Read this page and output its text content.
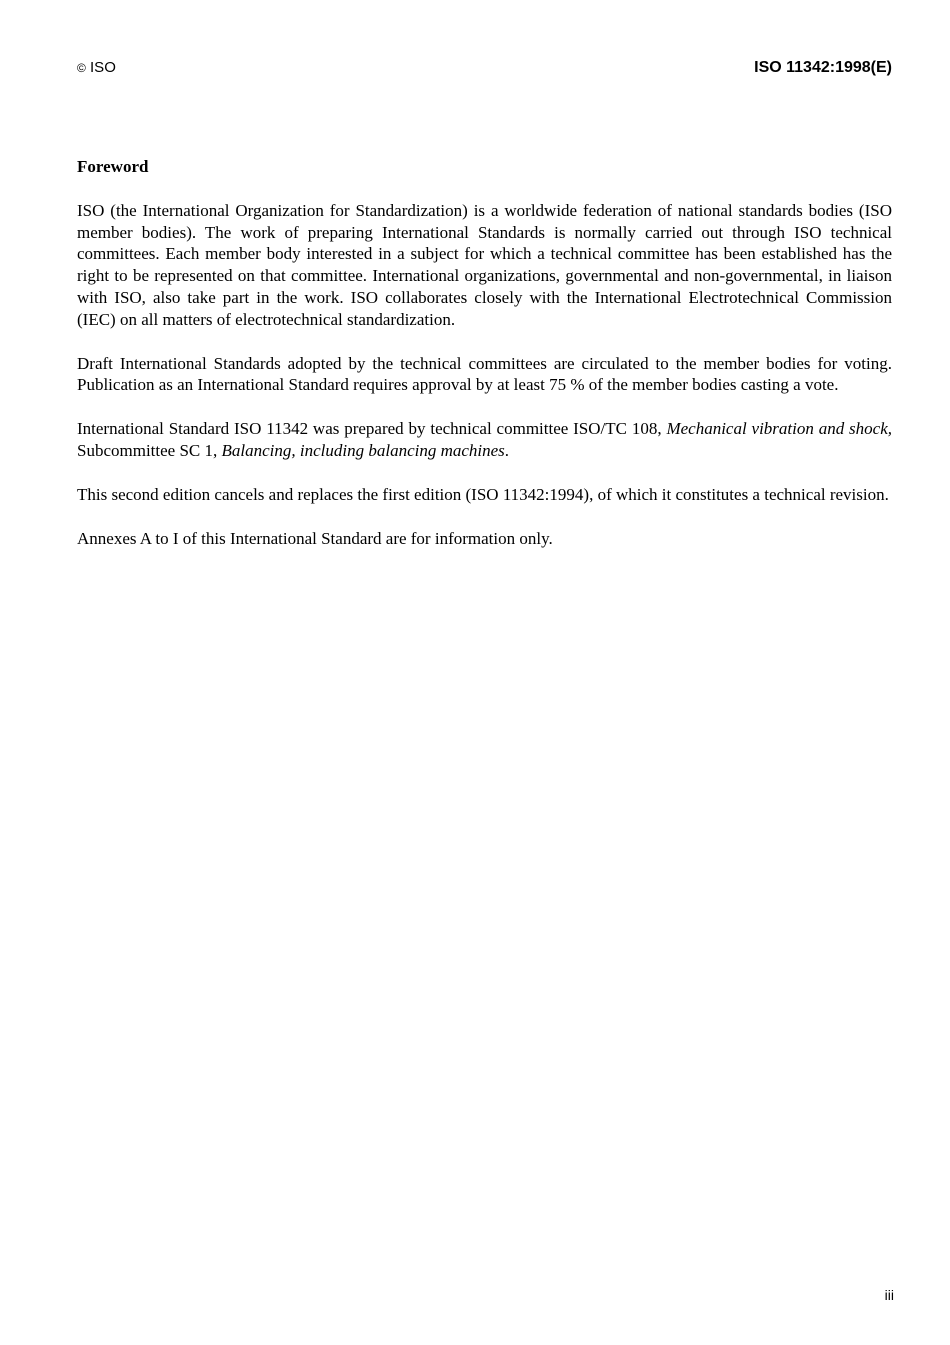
© ISO	ISO 11342:1998(E)
Foreword

ISO (the International Organization for Standardization) is a worldwide federation of national standards bodies (ISO member bodies). The work of preparing International Standards is normally carried out through ISO technical committees. Each member body interested in a subject for which a technical committee has been established has the right to be represented on that committee. International organizations, governmental and non-governmental, in liaison with ISO, also take part in the work. ISO collaborates closely with the International Electrotechnical Commission (IEC) on all matters of electrotechnical standardization.

Draft International Standards adopted by the technical committees are circulated to the member bodies for voting. Publication as an International Standard requires approval by at least 75 % of the member bodies casting a vote.

International Standard ISO 11342 was prepared by technical committee ISO/TC 108, Mechanical vibration and shock, Subcommittee SC 1, Balancing, including balancing machines.

This second edition cancels and replaces the first edition (ISO 11342:1994), of which it constitutes a technical revision.

Annexes A to I of this International Standard are for information only.

iii
